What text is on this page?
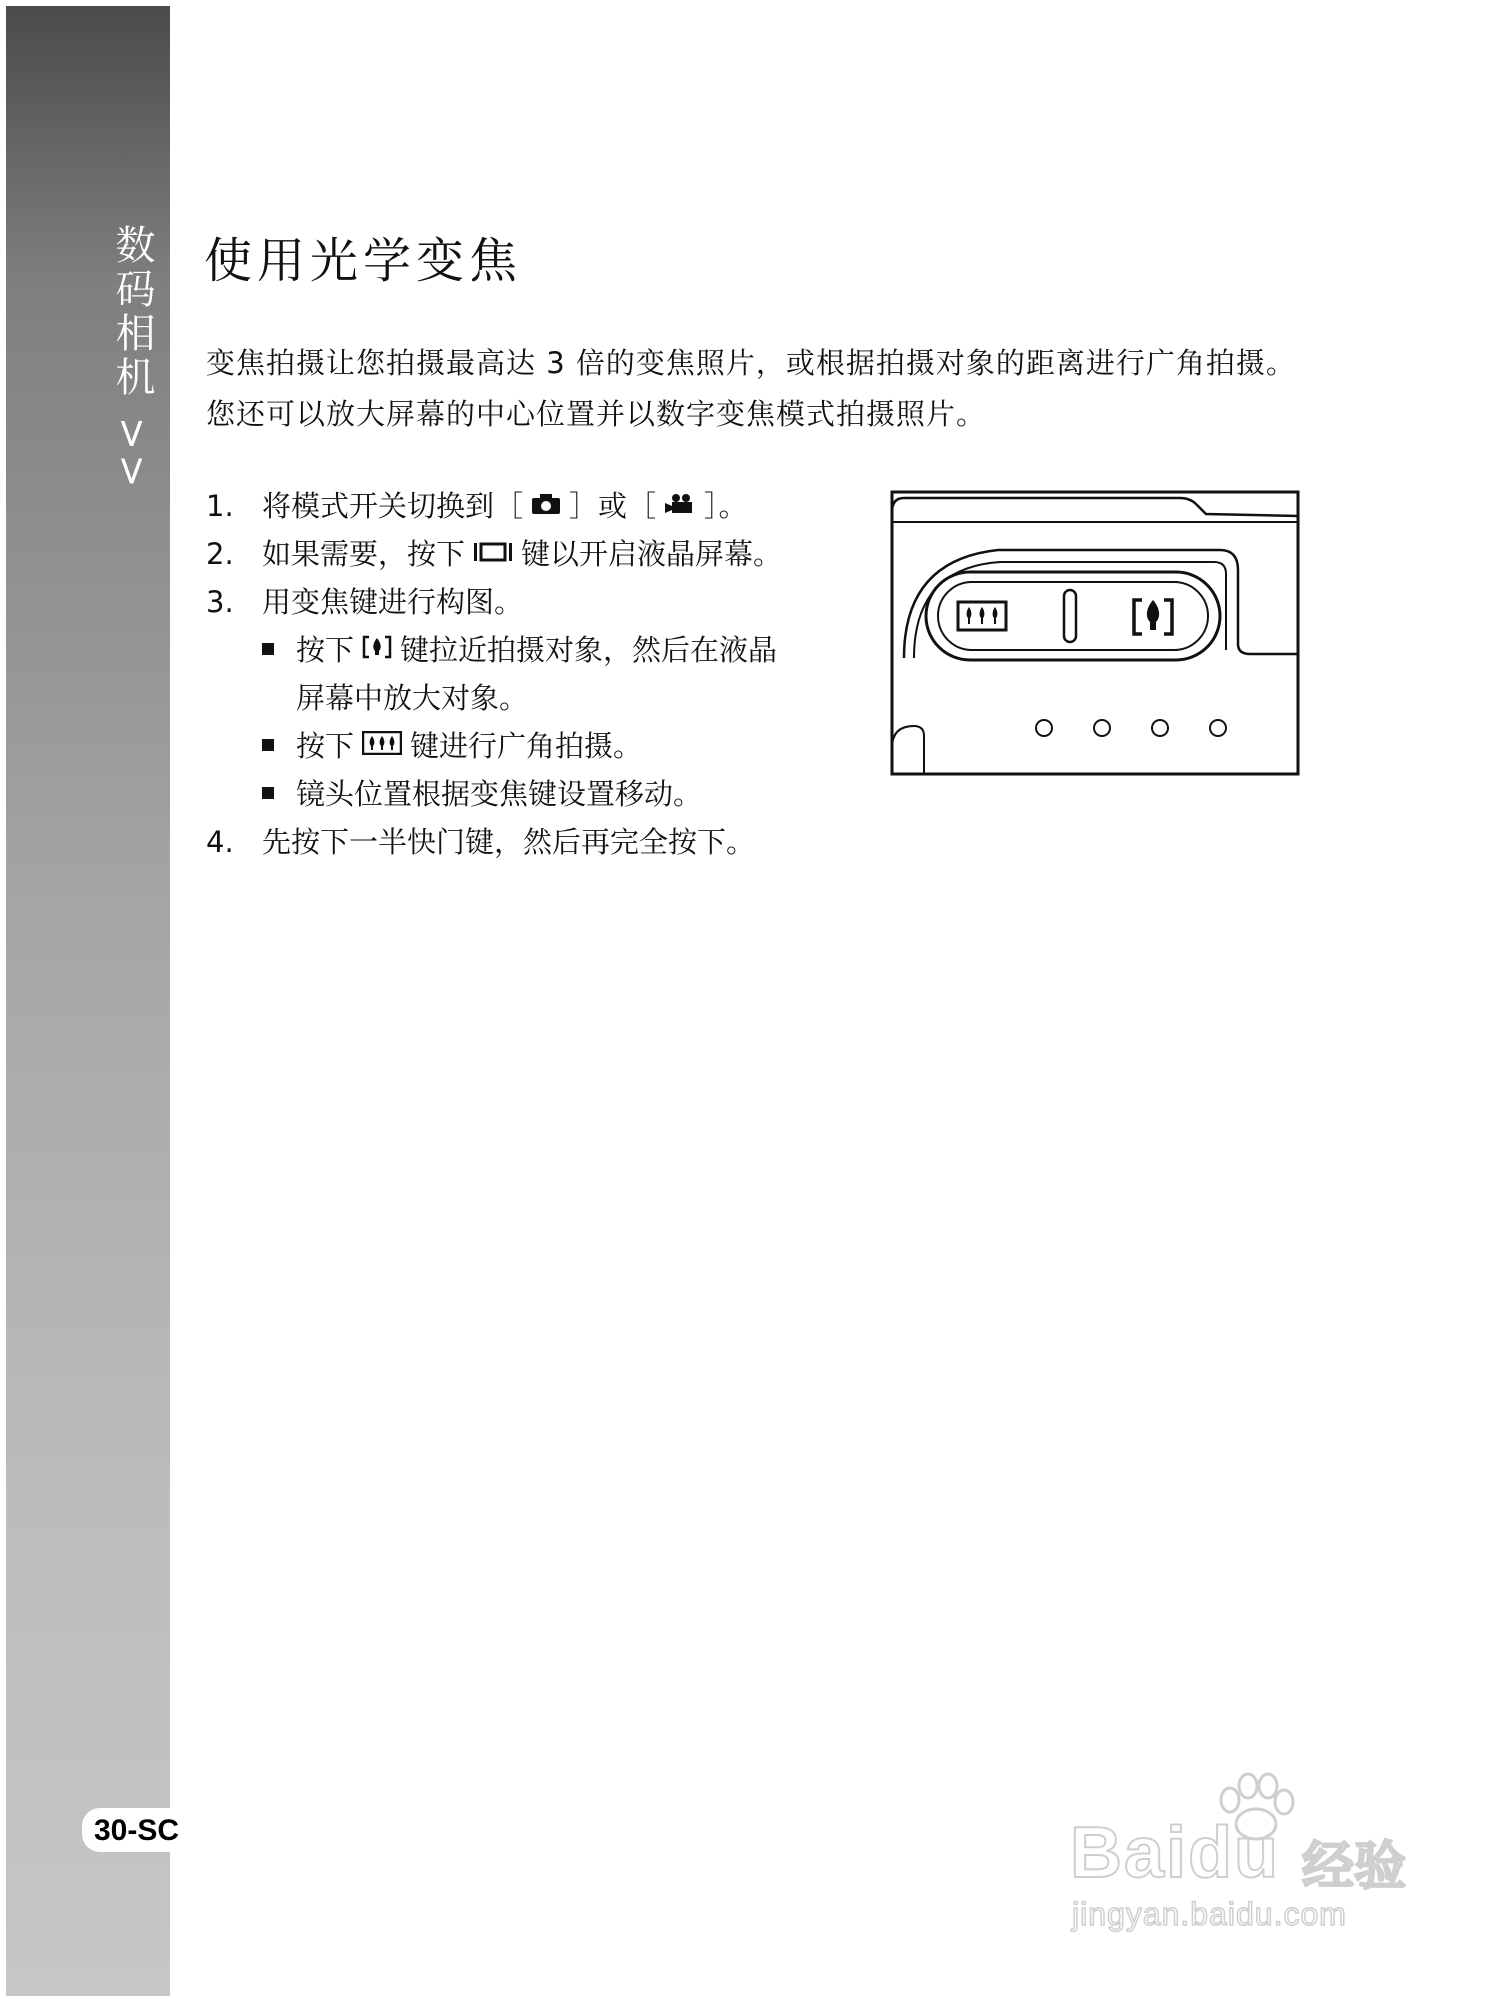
数码相机 >>
30-SC
使用光学变焦
变焦拍摄让您拍摄最高达 3 倍的变焦照片，或根据拍摄对象的距离进行广角拍摄。您还可以放大屏幕的中心位置并以数字变焦模式拍摄照片。
1. 将模式开关切换到［ ］或［ ］。
2. 如果需要，按下 键以开启液晶屏幕。
3. 用变焦键进行构图。
按下 键拉近拍摄对象，然后在液晶
屏幕中放大对象。
按下 键进行广角拍摄。
镜头位置根据变焦键设置移动。
4. 先按下一半快门键，然后再完全按下。
Baidu 经验
jingyan.baidu.com
